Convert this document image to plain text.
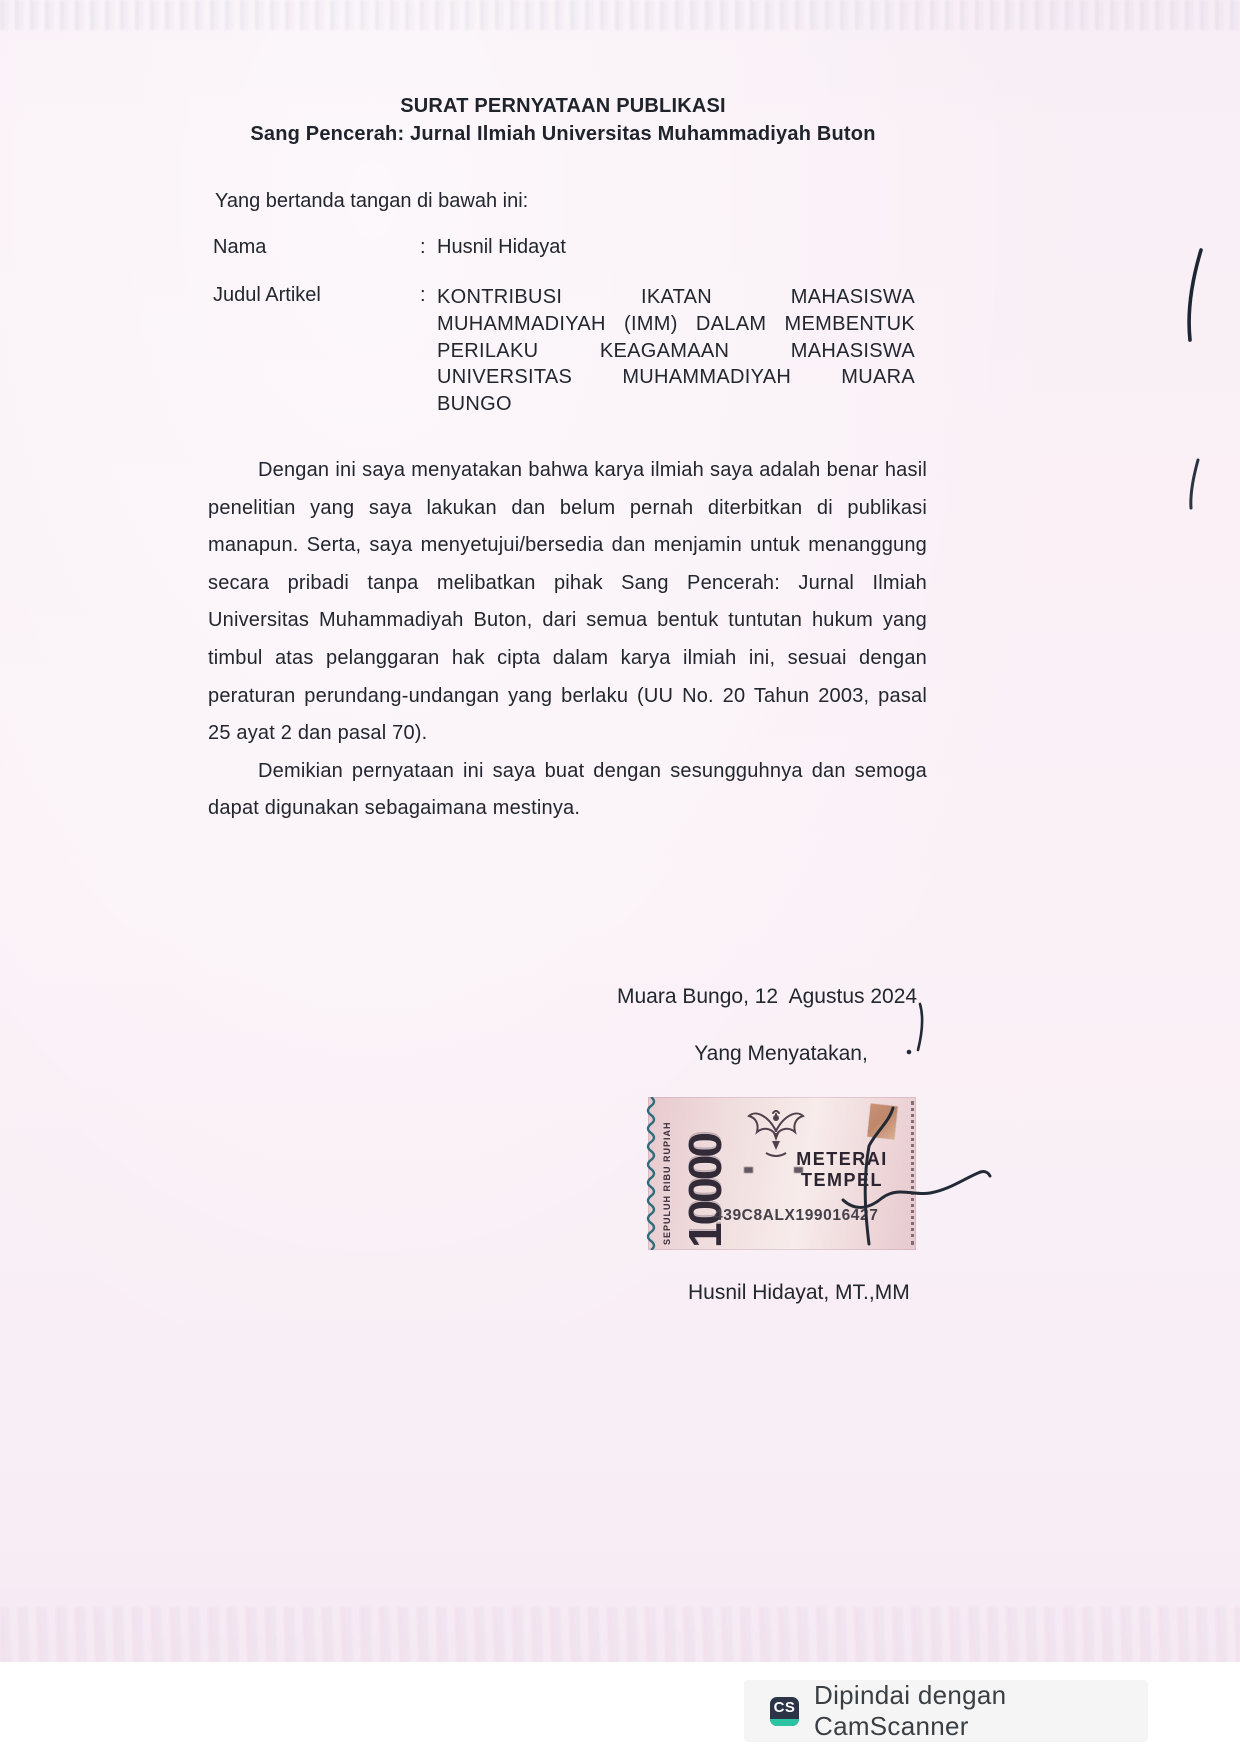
SURAT PERNYATAAN PUBLIKASI
Sang Pencerah: Jurnal Ilmiah Universitas Muhammadiyah Buton
Yang bertanda tangan di bawah ini:
Nama	: Husnil Hidayat
Judul Artikel	: KONTRIBUSI IKATAN MAHASISWA MUHAMMADIYAH (IMM) DALAM MEMBENTUK PERILAKU KEAGAMAAN MAHASISWA UNIVERSITAS MUHAMMADIYAH MUARA BUNGO

Dengan ini saya menyatakan bahwa karya ilmiah saya adalah benar hasil penelitian yang saya lakukan dan belum pernah diterbitkan di publikasi manapun. Serta, saya menyetujui/bersedia dan menjamin untuk menanggung secara pribadi tanpa melibatkan pihak Sang Pencerah: Jurnal Ilmiah Universitas Muhammadiyah Buton, dari semua bentuk tuntutan hukum yang timbul atas pelanggaran hak cipta dalam karya ilmiah ini, sesuai dengan peraturan perundang-undangan yang berlaku (UU No. 20 Tahun 2003, pasal 25 ayat 2 dan pasal 70).

Demikian pernyataan ini saya buat dengan sesungguhnya dan semoga dapat digunakan sebagaimana mestinya.

Muara Bungo, 12  Agustus 2024
Yang Menyatakan,
SEPULUH RIBU RUPIAH 10000	METERAI
TEMPEL
439C8ALX199016427
Husnil Hidayat, MT.,MM
CS Dipindai dengan CamScanner
